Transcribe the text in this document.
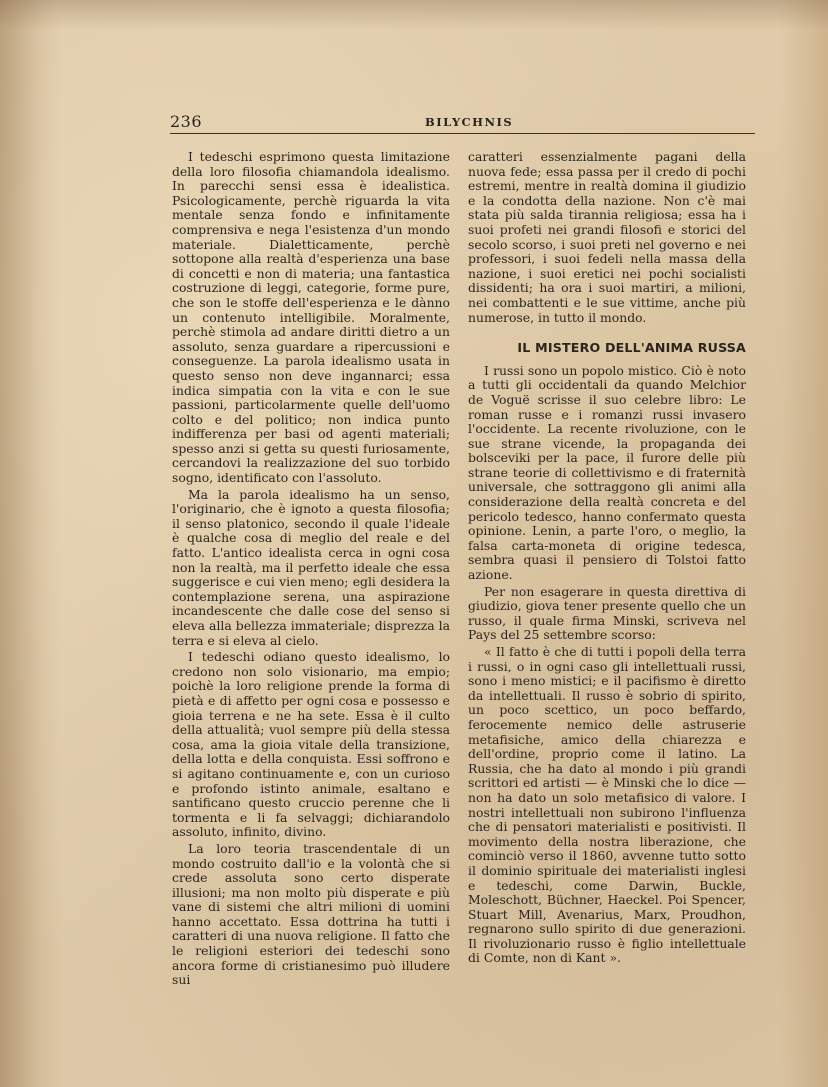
236	BILYCHNIS

I tedeschi esprimono questa limitazione della loro filosofia chiamandola idealismo. In parecchi sensi essa è idealistica. Psicologicamente, perchè riguarda la vita mentale senza fondo e infinitamente comprensiva e nega l'esistenza d'un mondo materiale. Dialetticamente, perchè sottopone alla realtà d'esperienza una base di concetti e non di materia; una fantastica costruzione di leggi, categorie, forme pure, che son le stoffe dell'esperienza e le dànno un contenuto intelligibile. Moralmente, perchè stimola ad andare diritti dietro a un assoluto, senza guardare a ripercussioni e conseguenze. La parola idealismo usata in questo senso non deve ingannarci; essa indica simpatia con la vita e con le sue passioni, particolarmente quelle dell'uomo colto e del politico; non indica punto indifferenza per basi od agenti materiali; spesso anzi si getta su questi furiosamente, cercandovi la realizzazione del suo torbido sogno, identificato con l'assoluto.

Ma la parola idealismo ha un senso, l'originario, che è ignoto a questa filosofia; il senso platonico, secondo il quale l'ideale è qualche cosa di meglio del reale e del fatto. L'antico idealista cerca in ogni cosa non la realtà, ma il perfetto ideale che essa suggerisce e cui vien meno; egli desidera la contemplazione serena, una aspirazione incandescente che dalle cose del senso si eleva alla bellezza immateriale; disprezza la terra e si eleva al cielo.

I tedeschi odiano questo idealismo, lo credono non solo visionario, ma empio; poichè la loro religione prende la forma di pietà e di affetto per ogni cosa e possesso e gioia terrena e ne ha sete. Essa è il culto della attualità; vuol sempre più della stessa cosa, ama la gioia vitale della transizione, della lotta e della conquista. Essi soffrono e si agitano continuamente e, con un curioso e profondo istinto animale, esaltano e santificano questo cruccio perenne che li tormenta e li fa selvaggi; dichiarandolo assoluto, infinito, divino.

La loro teoria trascendentale di un mondo costruito dall'io e la volontà che si crede assoluta sono certo disperate illusioni; ma non molto più disperate e più vane di sistemi che altri milioni di uomini hanno accettato. Essa dottrina ha tutti i caratteri di una nuova religione. Il fatto che le religioni esteriori dei tedeschi sono ancora forme di cristianesimo può illudere sui

caratteri essenzialmente pagani della nuova fede; essa passa per il credo di pochi estremi, mentre in realtà domina il giudizio e la condotta della nazione. Non c'è mai stata più salda tirannia religiosa; essa ha i suoi profeti nei grandi filosofi e storici del secolo scorso, i suoi preti nel governo e nei professori, i suoi fedeli nella massa della nazione, i suoi eretici nei pochi socialisti dissidenti; ha ora i suoi martiri, a milioni, nei combattenti e le sue vittime, anche più numerose, in tutto il mondo.

IL MISTERO DELL'ANIMA RUSSA

I russi sono un popolo mistico. Ciò è noto a tutti gli occidentali da quando Melchior de Voguë scrisse il suo celebre libro: Le roman russe e i romanzi russi invasero l'occidente. La recente rivoluzione, con le sue strane vicende, la propaganda dei bolsceviki per la pace, il furore delle più strane teorie di collettivismo e di fraternità universale, che sottraggono gli animi alla considerazione della realtà concreta e del pericolo tedesco, hanno confermato questa opinione. Lenin, a parte l'oro, o meglio, la falsa carta-moneta di origine tedesca, sembra quasi il pensiero di Tolstoi fatto azione.

Per non esagerare in questa direttiva di giudizio, giova tener presente quello che un russo, il quale firma Minski, scriveva nel Pays del 25 settembre scorso:

« Il fatto è che di tutti i popoli della terra i russi, o in ogni caso gli intellettuali russi, sono i meno mistici; e il pacifismo è diretto da intellettuali. Il russo è sobrio di spirito, un poco scettico, un poco beffardo, ferocemente nemico delle astruserie metafisiche, amico della chiarezza e dell'ordine, proprio come il latino. La Russia, che ha dato al mondo i più grandi scrittori ed artisti — è Minski che lo dice — non ha dato un solo metafisico di valore. I nostri intellettuali non subirono l'influenza che di pensatori materialisti e positivisti. Il movimento della nostra liberazione, che cominciò verso il 1860, avvenne tutto sotto il dominio spirituale dei materialisti inglesi e tedeschi, come Darwin, Buckle, Moleschott, Büchner, Haeckel. Poi Spencer, Stuart Mill, Avenarius, Marx, Proudhon, regnarono sullo spirito di due generazioni. Il rivoluzionario russo è figlio intellettuale di Comte, non di Kant ».
